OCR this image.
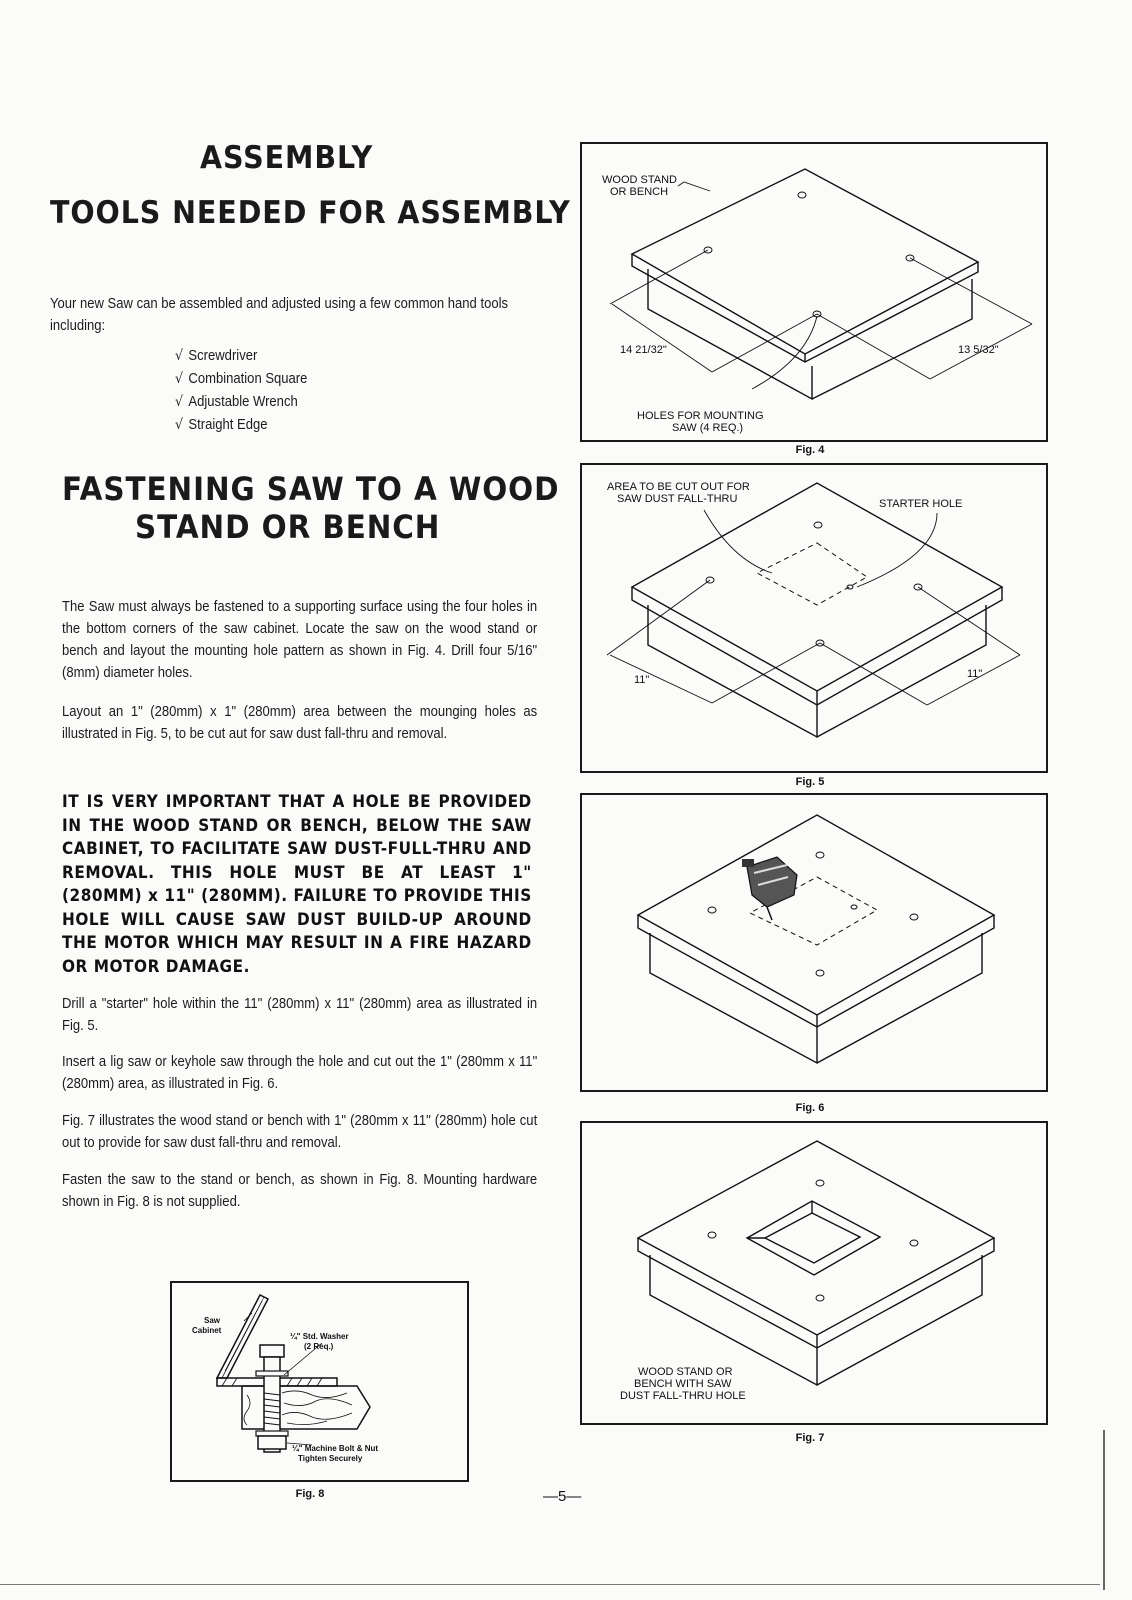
ASSEMBLY
TOOLS NEEDED FOR ASSEMBLY
Your new Saw can be assembled and adjusted using a few common hand tools including:
√ Screwdriver
√ Combination Square
√ Adjustable Wrench
√ Straight Edge
FASTENING SAW TO A WOOD
STAND OR BENCH
The Saw must always be fastened to a supporting surface using the four holes in the bottom corners of the saw cabinet. Locate the saw on the wood stand or bench and layout the mounting hole pattern as shown in Fig. 4. Drill four 5/16" (8mm) diameter holes.
Layout an 1" (280mm) x 1" (280mm) area between the mounging holes as illustrated in Fig. 5, to be cut aut for saw dust fall-thru and removal.
IT IS VERY IMPORTANT THAT A HOLE BE PROVIDED IN THE WOOD STAND OR BENCH, BELOW THE SAW CABINET, TO FACILITATE SAW DUST-FULL-THRU AND REMOVAL. THIS HOLE MUST BE AT LEAST 1" (280MM) x 11" (280MM). FAILURE TO PROVIDE THIS HOLE WILL CAUSE SAW DUST BUILD-UP AROUND THE MOTOR WHICH MAY RESULT IN A FIRE HAZARD OR MOTOR DAMAGE.
Drill a "starter" hole within the 11" (280mm) x 11" (280mm) area as illustrated in Fig. 5.
Insert a lig saw or keyhole saw through the hole and cut out the 1" (280mm x 11" (280mm) area, as illustrated in Fig. 6.
Fig. 7 illustrates the wood stand or bench with 1" (280mm x 11" (280mm) hole cut out to provide for saw dust fall-thru and removal.
Fasten the saw to the stand or bench, as shown in Fig. 8. Mounting hardware shown in Fig. 8 is not supplied.
Saw
Cabinet
¼" Std. Washer
(2 Req.)
¼" Machine Bolt & Nut
Tighten Securely
Fig. 8	—5—
WOOD STAND
OR BENCH
14 21/32"	13 5/32"
HOLES FOR MOUNTING
SAW (4 REQ.)
Fig. 4
AREA TO BE CUT OUT FOR
SAW DUST FALL-THRU	STARTER HOLE
11"	11"
Fig. 5
Fig. 6
WOOD STAND OR
BENCH WITH SAW
DUST FALL-THRU HOLE
Fig. 7
